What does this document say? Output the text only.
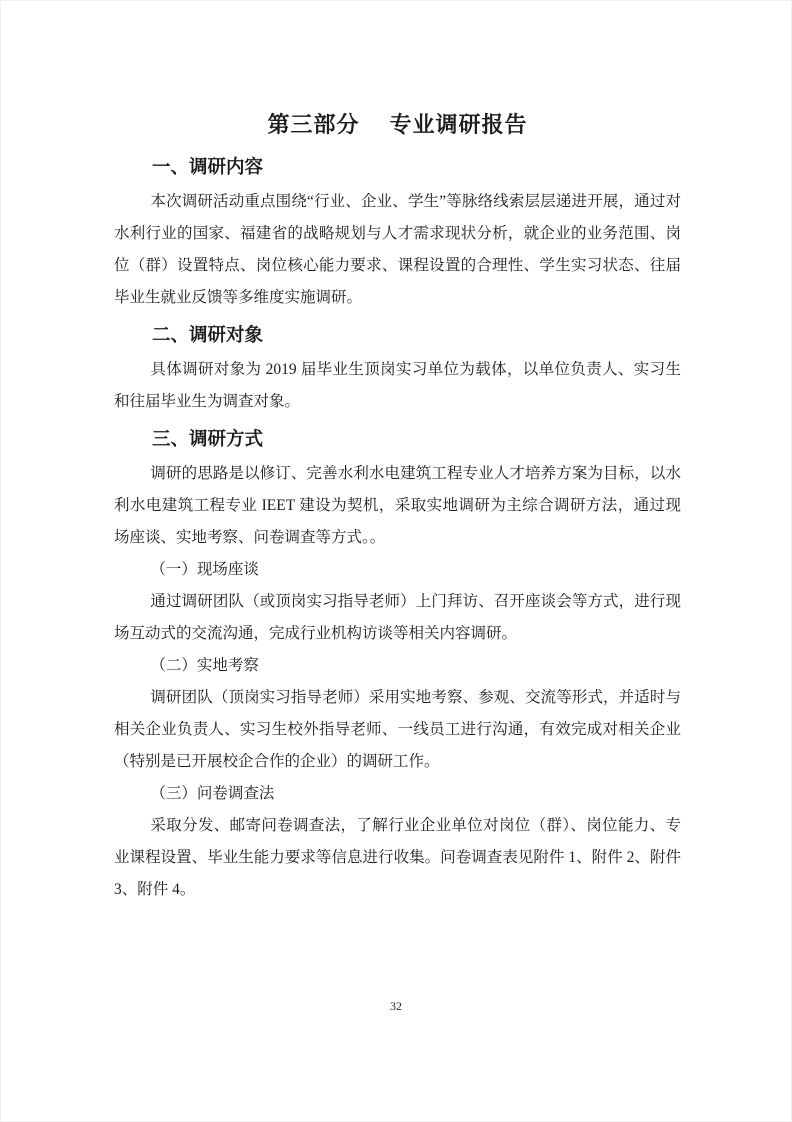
第三部分　 专业调研报告
一、调研内容

本次调研活动重点围绕“行业、企业、学生”等脉络线索层层递进开展，通过对水利行业的国家、福建省的战略规划与人才需求现状分析，就企业的业务范围、岗位（群）设置特点、岗位核心能力要求、课程设置的合理性、学生实习状态、往届毕业生就业反馈等多维度实施调研。

二、调研对象

具体调研对象为 2019 届毕业生顶岗实习单位为载体，以单位负责人、实习生和往届毕业生为调查对象。

三、调研方式

调研的思路是以修订、完善水利水电建筑工程专业人才培养方案为目标，以水利水电建筑工程专业 IEET 建设为契机，采取实地调研为主综合调研方法，通过现场座谈、实地考察、问卷调查等方式。。

（一）现场座谈

通过调研团队（或顶岗实习指导老师）上门拜访、召开座谈会等方式，进行现场互动式的交流沟通，完成行业机构访谈等相关内容调研。

（二）实地考察

调研团队（顶岗实习指导老师）采用实地考察、参观、交流等形式，并适时与相关企业负责人、实习生校外指导老师、一线员工进行沟通，有效完成对相关企业（特别是已开展校企合作的企业）的调研工作。

（三）问卷调查法

采取分发、邮寄问卷调查法，了解行业企业单位对岗位（群）、岗位能力、专业课程设置、毕业生能力要求等信息进行收集。问卷调查表见附件 1、附件 2、附件 3、附件 4。

32
